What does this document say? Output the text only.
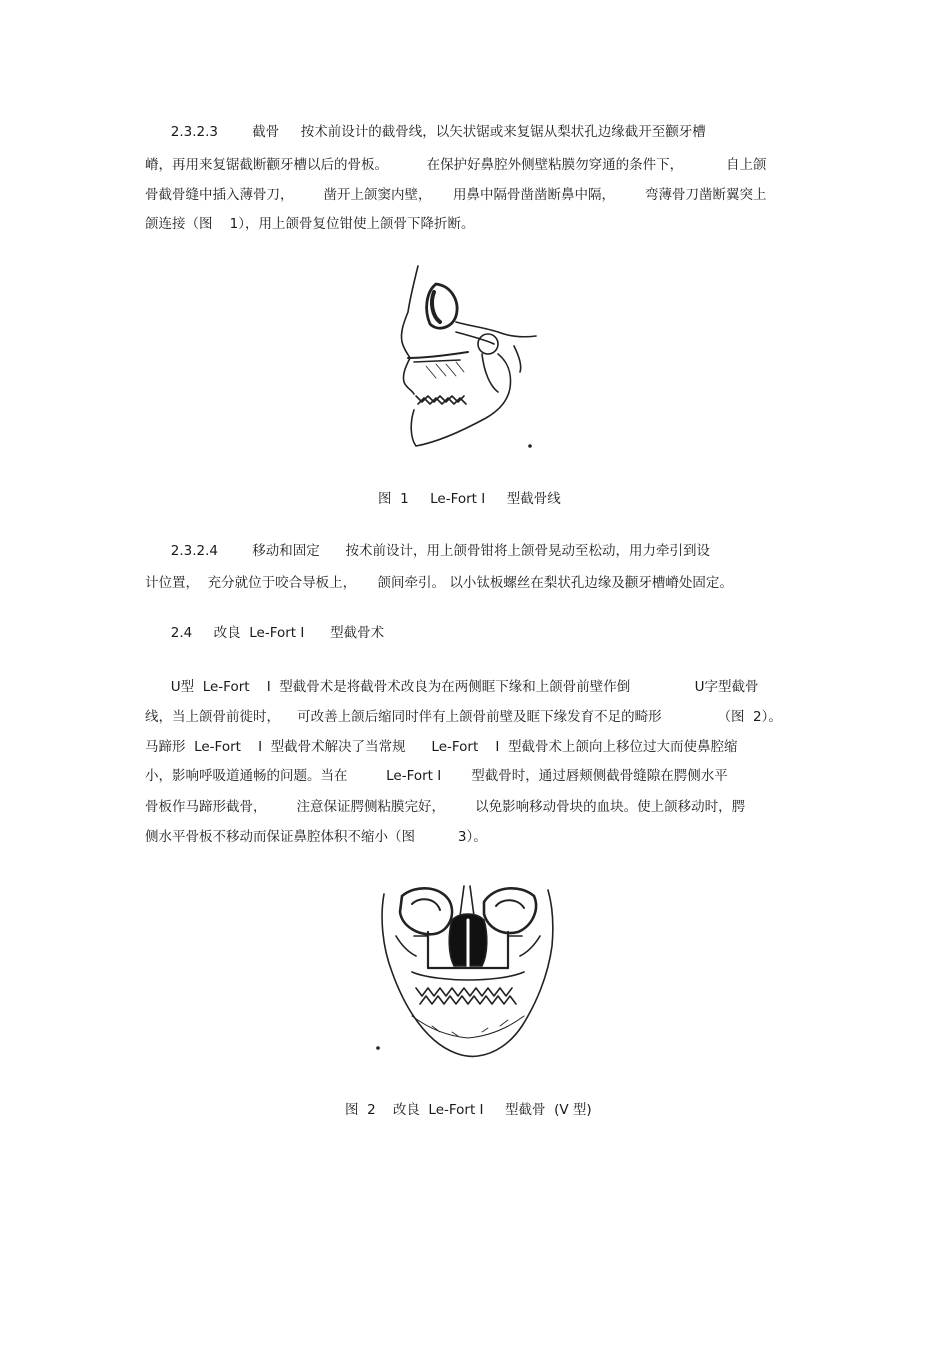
2.3.2.3        截骨     按术前设计的截骨线，以矢状锯或来复锯从梨状孔边缘截开至颧牙槽
嵴，再用来复锯截断颧牙槽以后的骨板。         在保护好鼻腔外侧壁粘膜勿穿通的条件下，          自上颌
骨截骨缝中插入薄骨刀，       凿开上颌窦内壁，     用鼻中隔骨凿凿断鼻中隔，       弯薄骨刀凿断翼突上
颌连接（图    1），用上颌骨复位钳使上颌骨下降折断。
图  1     Le-Fort I     型截骨线
2.3.2.4        移动和固定      按术前设计，用上颌骨钳将上颌骨晃动至松动，用力牵引到设
计位置，  充分就位于咬合导板上，     颌间牵引。 以小钛板螺丝在梨状孔边缘及颧牙槽嵴处固定。
2.4     改良  Le-Fort I      型截骨术
U型  Le-Fort    I  型截骨术是将截骨术改良为在两侧眶下缘和上颌骨前壁作倒               U字型截骨
线，当上颌骨前徙时，    可改善上颌后缩同时伴有上颌骨前壁及眶下缘发育不足的畸形             （图  2）。
马蹄形  Le-Fort    I  型截骨术解决了当常规      Le-Fort    I  型截骨术上颌向上移位过大而使鼻腔缩
小，影响呼吸道通畅的问题。当在         Le-Fort I       型截骨时，通过唇颊侧截骨缝隙在腭侧水平
骨板作马蹄形截骨，       注意保证腭侧粘膜完好，       以免影响移动骨块的血块。使上颌移动时，腭
侧水平骨板不移动而保证鼻腔体积不缩小（图          3）。
图  2    改良  Le-Fort I     型截骨  (V 型)
